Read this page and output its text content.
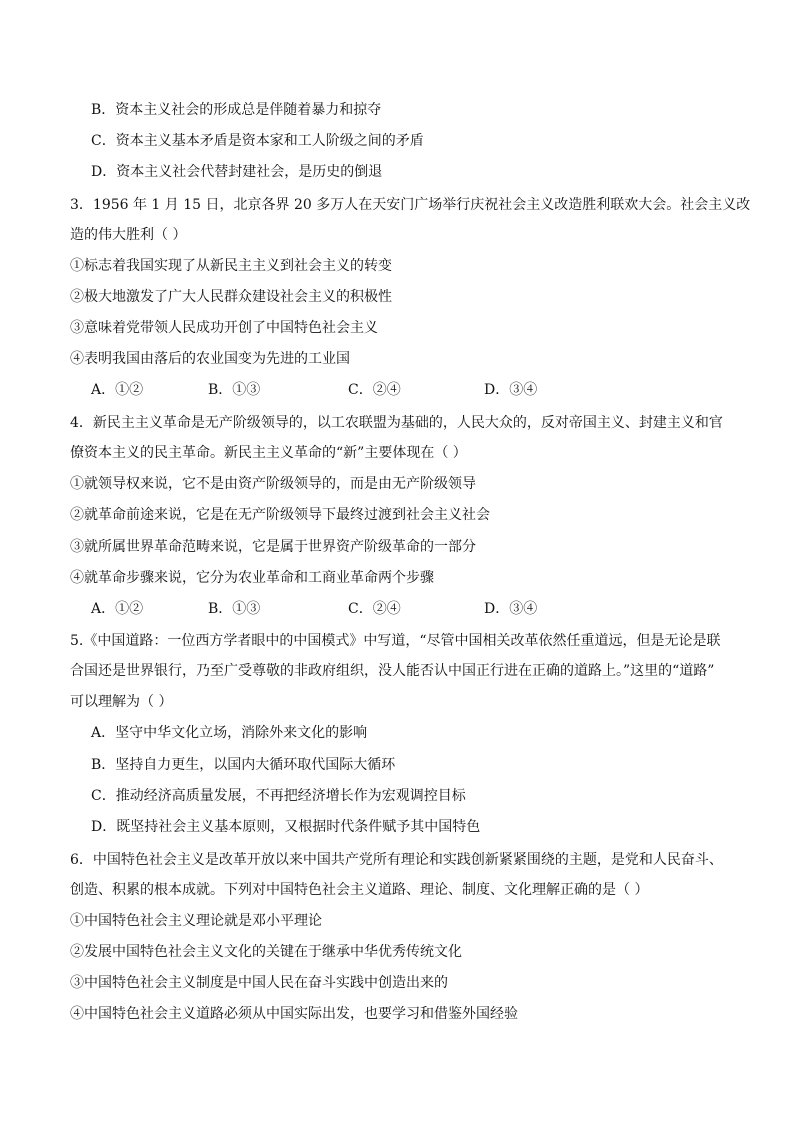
B．资本主义社会的形成总是伴随着暴力和掠夺
C．资本主义基本矛盾是资本家和工人阶级之间的矛盾
D．资本主义社会代替封建社会，是历史的倒退
3．1956 年 1 月 15 日，北京各界 20 多万人在天安门广场举行庆祝社会主义改造胜利联欢大会。社会主义改
造的伟大胜利（ ）
①标志着我国实现了从新民主主义到社会主义的转变
②极大地激发了广大人民群众建设社会主义的积极性
③意味着党带领人民成功开创了中国特色社会主义
④表明我国由落后的农业国变为先进的工业国
A．①②	B．①③	C．②④	D．③④
4．新民主主义革命是无产阶级领导的，以工农联盟为基础的，人民大众的，反对帝国主义、封建主义和官
僚资本主义的民主革命。新民主主义革命的“新”主要体现在（ ）
①就领导权来说，它不是由资产阶级领导的，而是由无产阶级领导
②就革命前途来说，它是在无产阶级领导下最终过渡到社会主义社会
③就所属世界革命范畴来说，它是属于世界资产阶级革命的一部分
④就革命步骤来说，它分为农业革命和工商业革命两个步骤
A．①②	B．①③	C．②④	D．③④
5.《中国道路：一位西方学者眼中的中国模式》中写道，“尽管中国相关改革依然任重道远，但是无论是联
合国还是世界银行，乃至广受尊敬的非政府组织，没人能否认中国正行进在正确的道路上。”这里的“道路”
可以理解为（ ）
A．坚守中华文化立场，消除外来文化的影响
B．坚持自力更生，以国内大循环取代国际大循环
C．推动经济高质量发展，不再把经济增长作为宏观调控目标
D．既坚持社会主义基本原则，又根据时代条件赋予其中国特色
6．中国特色社会主义是改革开放以来中国共产党所有理论和实践创新紧紧围绕的主题，是党和人民奋斗、
创造、积累的根本成就。下列对中国特色社会主义道路、理论、制度、文化理解正确的是（ ）
①中国特色社会主义理论就是邓小平理论
②发展中国特色社会主义文化的关键在于继承中华优秀传统文化
③中国特色社会主义制度是中国人民在奋斗实践中创造出来的
④中国特色社会主义道路必须从中国实际出发，也要学习和借鉴外国经验
